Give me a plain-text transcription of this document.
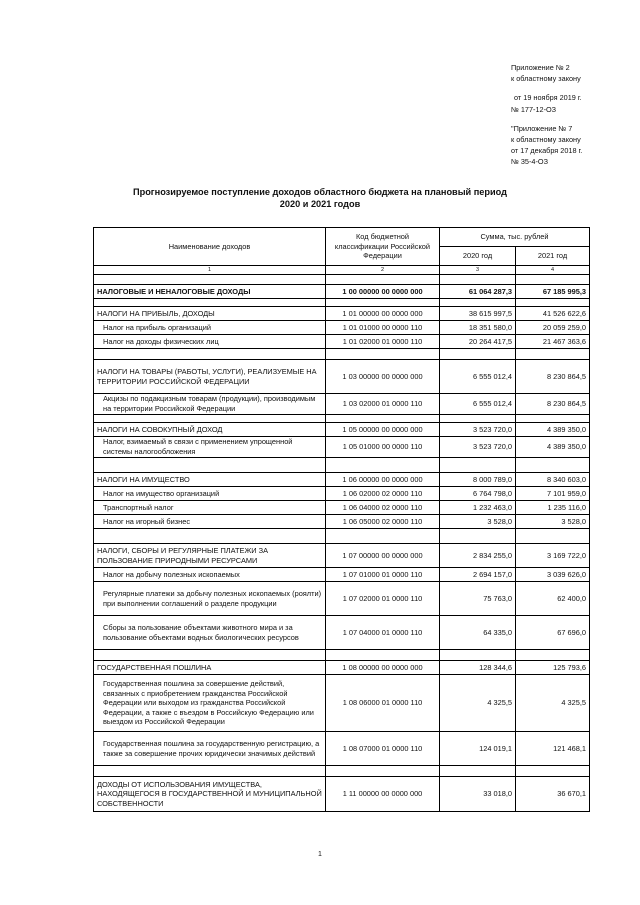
Приложение № 2
к областному закону
от 19 ноября 2019 г.
№ 177-12-ОЗ
"Приложение № 7
к областному закону
от 17 декабря 2018 г.
№ 35-4-ОЗ
Прогнозируемое поступление доходов областного бюджета на плановый период
2020 и 2021 годов
Наименование доходов	Код бюджетной классификации Российской Федерации	Сумма, тыс. рублей	
		2020 год	2021 год
1	2	3	4

НАЛОГОВЫЕ И НЕНАЛОГОВЫЕ ДОХОДЫ	1 00 00000 00 0000 000	61 064 287,3	67 185 995,3

НАЛОГИ НА ПРИБЫЛЬ, ДОХОДЫ	1 01 00000 00 0000 000	38 615 997,5	41 526 622,6
Налог на прибыль организаций	1 01 01000 00 0000 110	18 351 580,0	20 059 259,0
Налог на доходы физических лиц	1 01 02000 01 0000 110	20 264 417,5	21 467 363,6

НАЛОГИ НА ТОВАРЫ (РАБОТЫ, УСЛУГИ), РЕАЛИЗУЕМЫЕ НА ТЕРРИТОРИИ РОССИЙСКОЙ ФЕДЕРАЦИИ	1 03 00000 00 0000 000	6 555 012,4	8 230 864,5
Акцизы по подакцизным товарам (продукции), производимым на территории Российской Федерации	1 03 02000 01 0000 110	6 555 012,4	8 230 864,5

НАЛОГИ НА СОВОКУПНЫЙ ДОХОД	1 05 00000 00 0000 000	3 523 720,0	4 389 350,0
Налог, взимаемый в связи с применением упрощенной системы налогообложения	1 05 01000 00 0000 110	3 523 720,0	4 389 350,0

НАЛОГИ НА ИМУЩЕСТВО	1 06 00000 00 0000 000	8 000 789,0	8 340 603,0
Налог на имущество организаций	1 06 02000 02 0000 110	6 764 798,0	7 101 959,0
Транспортный налог	1 06 04000 02 0000 110	1 232 463,0	1 235 116,0
Налог на игорный бизнес	1 06 05000 02 0000 110	3 528,0	3 528,0

НАЛОГИ, СБОРЫ И РЕГУЛЯРНЫЕ ПЛАТЕЖИ ЗА ПОЛЬЗОВАНИЕ ПРИРОДНЫМИ РЕСУРСАМИ	1 07 00000 00 0000 000	2 834 255,0	3 169 722,0
Налог на добычу полезных ископаемых	1 07 01000 01 0000 110	2 694 157,0	3 039 626,0
Регулярные платежи за добычу полезных ископаемых (роялти) при выполнении соглашений о разделе продукции	1 07 02000 01 0000 110	75 763,0	62 400,0
Сборы за пользование объектами животного мира и за пользование объектами водных биологических ресурсов	1 07 04000 01 0000 110	64 335,0	67 696,0

ГОСУДАРСТВЕННАЯ ПОШЛИНА	1 08 00000 00 0000 000	128 344,6	125 793,6
Государственная пошлина за совершение действий, связанных с приобретением гражданства Российской Федерации или выходом из гражданства Российской Федерации, а также с въездом в Российскую Федерацию или выездом из Российской Федерации	1 08 06000 01 0000 110	4 325,5	4 325,5
Государственная пошлина за государственную регистрацию, а также за совершение прочих юридически значимых действий	1 08 07000 01 0000 110	124 019,1	121 468,1

ДОХОДЫ ОТ ИСПОЛЬЗОВАНИЯ ИМУЩЕСТВА, НАХОДЯЩЕГОСЯ В ГОСУДАРСТВЕННОЙ И МУНИЦИПАЛЬНОЙ СОБСТВЕННОСТИ	1 11 00000 00 0000 000	33 018,0	36 670,1
1
